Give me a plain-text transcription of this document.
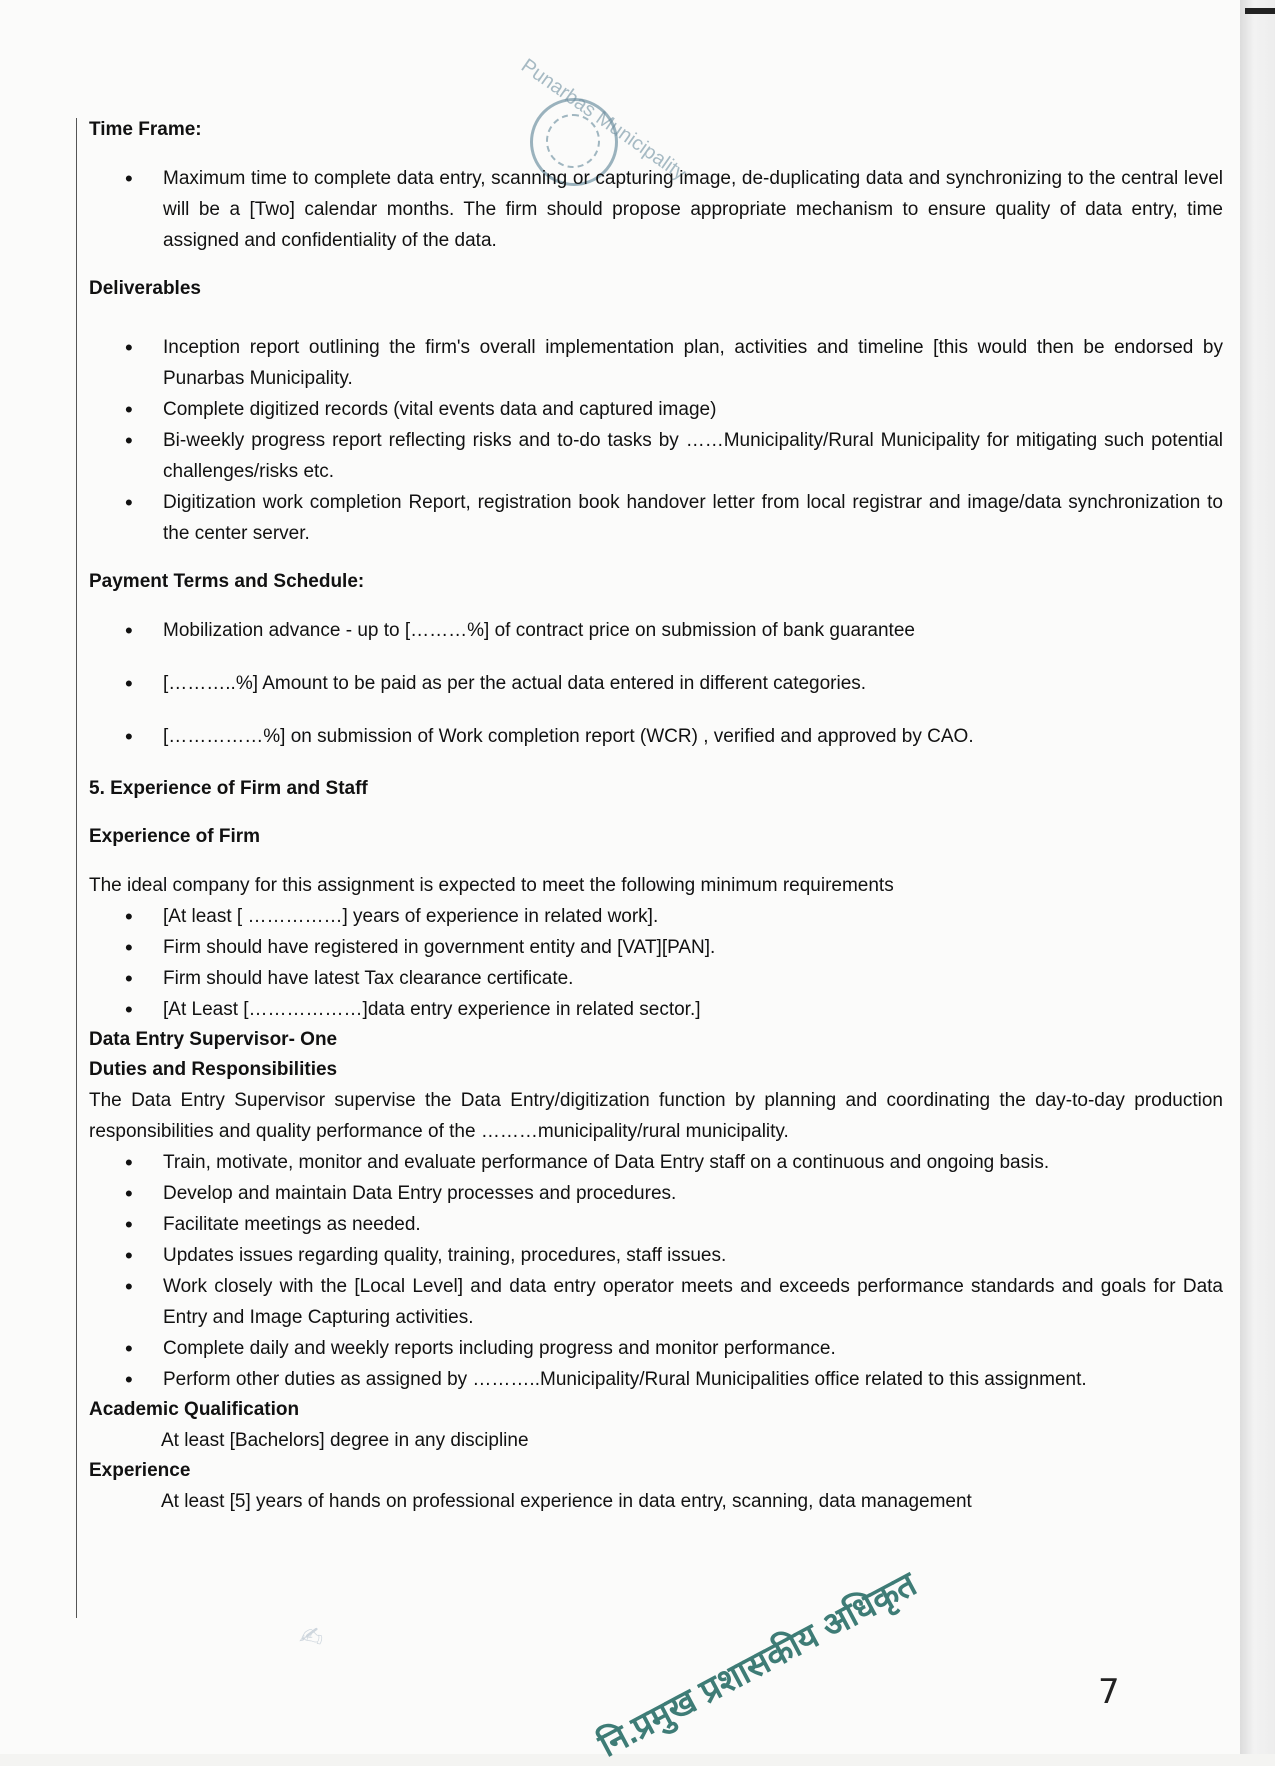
Punarbas Municipality
Time Frame:
• Maximum time to complete data entry, scanning or capturing image, de-duplicating data and synchronizing to the central level will be a [Two] calendar months. The firm should propose appropriate mechanism to ensure quality of data entry, time assigned and confidentiality of the data.
Deliverables
• Inception report outlining the firm's overall implementation plan, activities and timeline [this would then be endorsed by Punarbas Municipality.
• Complete digitized records (vital events data and captured image)
• Bi-weekly progress report reflecting risks and to-do tasks by ……Municipality/Rural Municipality for mitigating such potential challenges/risks etc.
• Digitization work completion Report, registration book handover letter from local registrar and image/data synchronization to the center server.
Payment Terms and Schedule:
• Mobilization advance - up to [………%] of contract price on submission of bank guarantee
• [………..%] Amount to be paid as per the actual data entered in different categories.
• [……………%] on submission of Work completion report (WCR) , verified and approved by CAO.
5. Experience of Firm and Staff
Experience of Firm

The ideal company for this assignment is expected to meet the following minimum requirements

• [At least [ ……………] years of experience in related work].
• Firm should have registered in government entity and [VAT][PAN].
• Firm should have latest Tax clearance certificate.
• [At Least [………………]data entry experience in related sector.]
Data Entry Supervisor- One
Duties and Responsibilities

The Data Entry Supervisor supervise the Data Entry/digitization function by planning and coordinating the day-to-day production responsibilities and quality performance of the ………municipality/rural municipality.

• Train, motivate, monitor and evaluate performance of Data Entry staff on a continuous and ongoing basis.
• Develop and maintain Data Entry processes and procedures.
• Facilitate meetings as needed.
• Updates issues regarding quality, training, procedures, staff issues.
• Work closely with the [Local Level] and data entry operator meets and exceeds performance standards and goals for Data Entry and Image Capturing activities.
• Complete daily and weekly reports including progress and monitor performance.
• Perform other duties as assigned by ………..Municipality/Rural Municipalities office related to this assignment.
Academic Qualification

At least [Bachelors] degree in any discipline

Experience

At least [5] years of hands on professional experience in data entry, scanning, data management

✍	नि.प्रमुख प्रशासकीय अधिकृत	7
